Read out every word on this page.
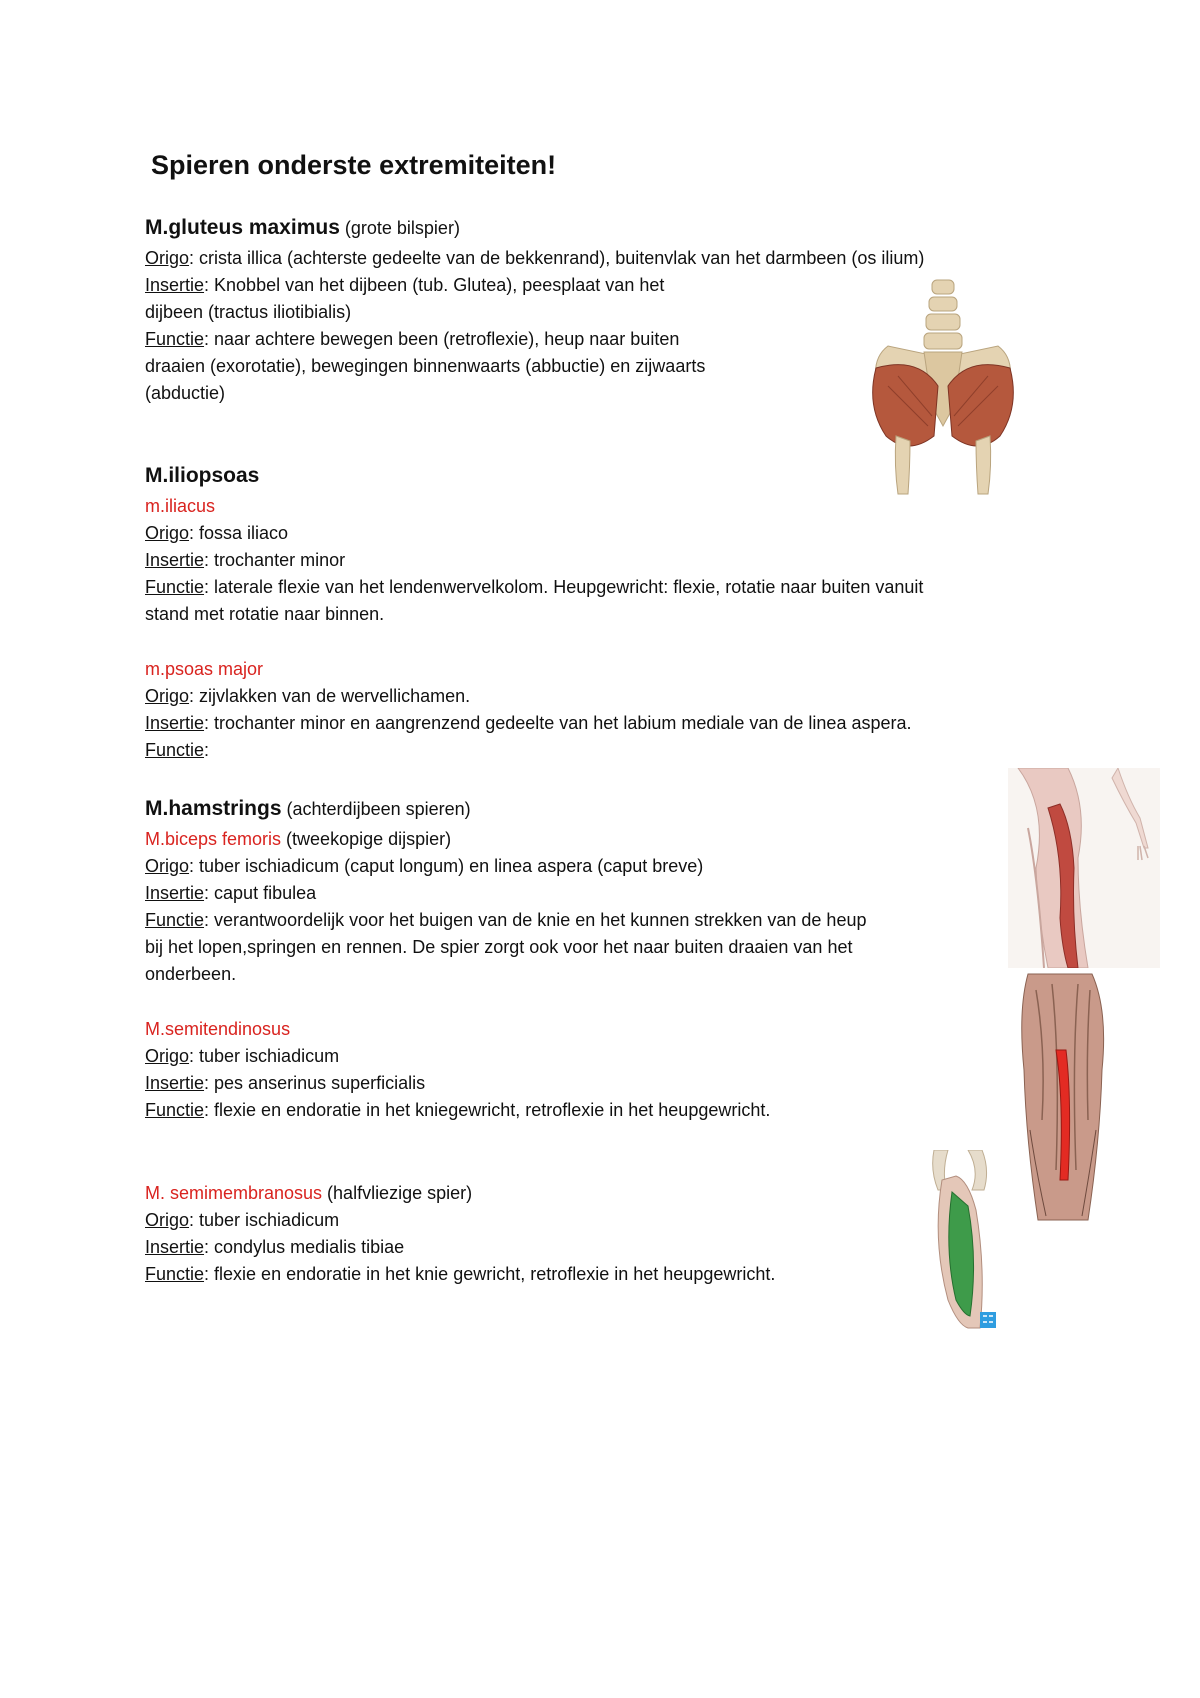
Spieren onderste extremiteiten!
M.gluteus maximus (grote bilspier)
Origo: crista illica (achterste gedeelte van de bekkenrand), buitenvlak van het darmbeen (os ilium)
Insertie: Knobbel van het dijbeen (tub. Glutea), peesplaat van het
dijbeen (tractus iliotibialis)
Functie: naar achtere bewegen been (retroflexie), heup naar buiten
draaien (exorotatie), bewegingen binnenwaarts (abbuctie) en zijwaarts
(abductie)
M.iliopsoas
m.iliacus
Origo: fossa iliaco
Insertie: trochanter minor
Functie: laterale flexie van het lendenwervelkolom. Heupgewricht: flexie, rotatie naar buiten vanuit
stand met rotatie naar binnen.
m.psoas major
Origo: zijvlakken van de wervellichamen.
Insertie: trochanter minor en aangrenzend gedeelte van het labium mediale van de linea aspera.
Functie:
M.hamstrings (achterdijbeen spieren)
M.biceps femoris (tweekopige dijspier)
Origo: tuber ischiadicum (caput longum) en linea aspera (caput breve)
Insertie: caput fibulea
Functie: verantwoordelijk voor het buigen van de knie en het kunnen strekken van de heup
bij het lopen,springen en rennen. De spier zorgt ook voor het naar buiten draaien van het
onderbeen.
M.semitendinosus
Origo: tuber ischiadicum
Insertie: pes anserinus superficialis
Functie: flexie en endoratie in het kniegewricht, retroflexie in het heupgewricht.
M. semimembranosus (halfvliezige spier)
Origo: tuber ischiadicum
Insertie: condylus medialis tibiae
Functie: flexie en endoratie in het knie gewricht, retroflexie in het heupgewricht.
